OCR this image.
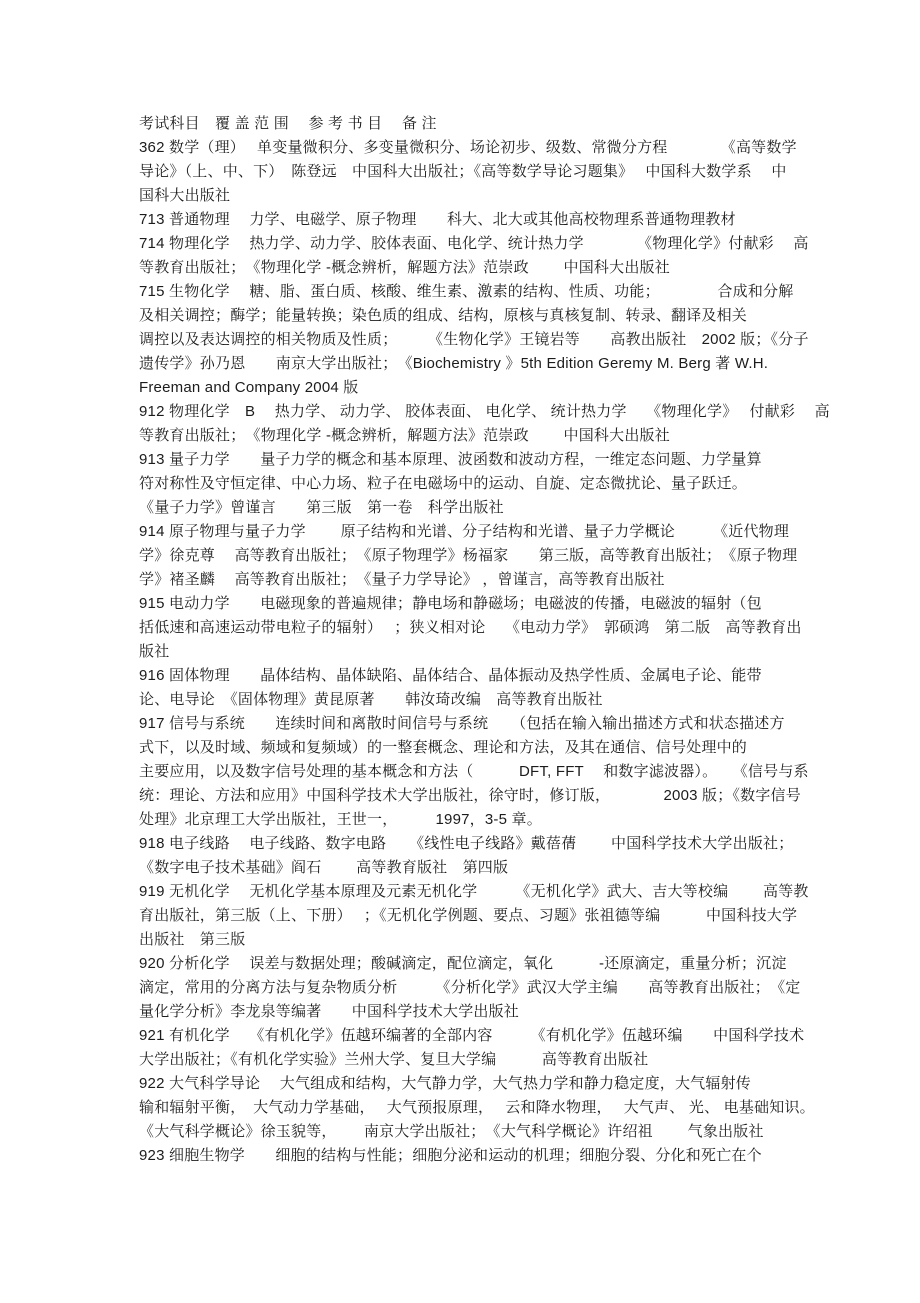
考试科目　覆 盖 范 围　 参 考 书 目　 备 注
362 数学（理）　 单变量微积分、多变量微积分、场论初步、级数、常微分方程　　　　《高等数学
导论》（上、中、下）　陈登远　中国科大出版社；《高等数学导论习题集》　 中国科大数学系　 中
国科大出版社
713 普通物理　 力学、电磁学、原子物理　　科大、北大或其他高校物理系普通物理教材
714 物理化学　 热力学、动力学、胶体表面、电化学、统计热力学　　　　《物理化学》付献彩　 高
等教育出版社；　《物理化学 -概念辨析，解题方法》范崇政　　 中国科大出版社
715 生物化学　 糖、脂、蛋白质、核酸、维生素、激素的结构、性质、功能；　　　　 合成和分解
及相关调控；酶学；能量转换；染色质的组成、结构，原核与真核复制、转录、翻译及相关
调控以及表达调控的相关物质及性质；　　　《生物化学》王镜岩等　　高教出版社　2002 版；《分子
遗传学》孙乃恩　　南京大学出版社；　《Biochemistry 》5th Edition Geremy M. Berg 著 W.H.
Freeman and Company 2004 版
912 物理化学　B　 热力学、 动力学、 胶体表面、 电化学、 统计热力学　 《物理化学》　 付献彩　 高
等教育出版社；　《物理化学 -概念辨析，解题方法》范崇政　　 中国科大出版社
913 量子力学　　量子力学的概念和基本原理、波函数和波动方程，一维定态问题、力学量算
符对称性及守恒定律、中心力场、粒子在电磁场中的运动、自旋、定态微扰论、量子跃迁。
《量子力学》曾谨言　　第三版　第一卷　科学出版社
914 原子物理与量子力学　　 原子结构和光谱、分子结构和光谱、量子力学概论　　　《近代物理
学》徐克尊　 高等教育出版社；　《原子物理学》杨福家　　第三版，高等教育出版社；　《原子物理
学》褚圣麟　 高等教育出版社；　《量子力学导论》 ，曾谨言，高等教育出版社
915 电动力学　　电磁现象的普遍规律；静电场和静磁场；电磁波的传播，电磁波的辐射（包
括低速和高速运动带电粒子的辐射）　 ；狭义相对论　 《电动力学》　郭硕鸿　第二版　高等教育出
版社
916 固体物理　　晶体结构、晶体缺陷、晶体结合、晶体振动及热学性质、金属电子论、能带
论、电导论　《固体物理》黄昆原著　　韩汝琦改编　高等教育出版社
917 信号与系统　　连续时间和离散时间信号与系统　　（包括在输入输出描述方式和状态描述方
式下，以及时域、频域和复频域）的一整套概念、理论和方法，及其在通信、信号处理中的
主要应用，以及数字信号处理的基本概念和方法（　　　DFT, FFT　 和数字滤波器）。　　《信号与系
统：理论、方法和应用》中国科学技术大学出版社，徐守时，修订版，　　　　2003 版；《数字信号
处理》北京理工大学出版社，王世一，　　　1997，3-5 章。
918 电子线路　 电子线路、数字电路　　《线性电子线路》戴蓓蒨　　 中国科学技术大学出版社；
《数字电子技术基础》阎石　　 高等教育版社　第四版
919 无机化学　 无机化学基本原理及元素无机化学　　　《无机化学》武大、吉大等校编　　 高等教
育出版社，第三版（上、下册）　 ；《无机化学例题、要点、习题》张祖德等编　　　中国科技大学
出版社　第三版
920 分析化学　 误差与数据处理；酸碱滴定，配位滴定，氧化　　　-还原滴定，重量分析；沉淀
滴定，常用的分离方法与复杂物质分析　　　《分析化学》武汉大学主编　　高等教育出版社；　《定
量化学分析》李龙泉等编著　　中国科学技术大学出版社
921 有机化学　 《有机化学》伍越环编著的全部内容　　　《有机化学》伍越环编　　中国科学技术
大学出版社；《有机化学实验》兰州大学、复旦大学编　　　高等教育出版社
922 大气科学导论　 大气组成和结构，大气静力学，大气热力学和静力稳定度，大气辐射传
输和辐射平衡，　大气动力学基础，　 大气预报原理，　 云和降水物理，　 大气声、 光、 电基础知识。
《大气科学概论》徐玉貌等，　　 南京大学出版社；　《大气科学概论》许绍祖　　 气象出版社
923 细胞生物学　　细胞的结构与性能；细胞分泌和运动的机理；细胞分裂、分化和死亡在个
